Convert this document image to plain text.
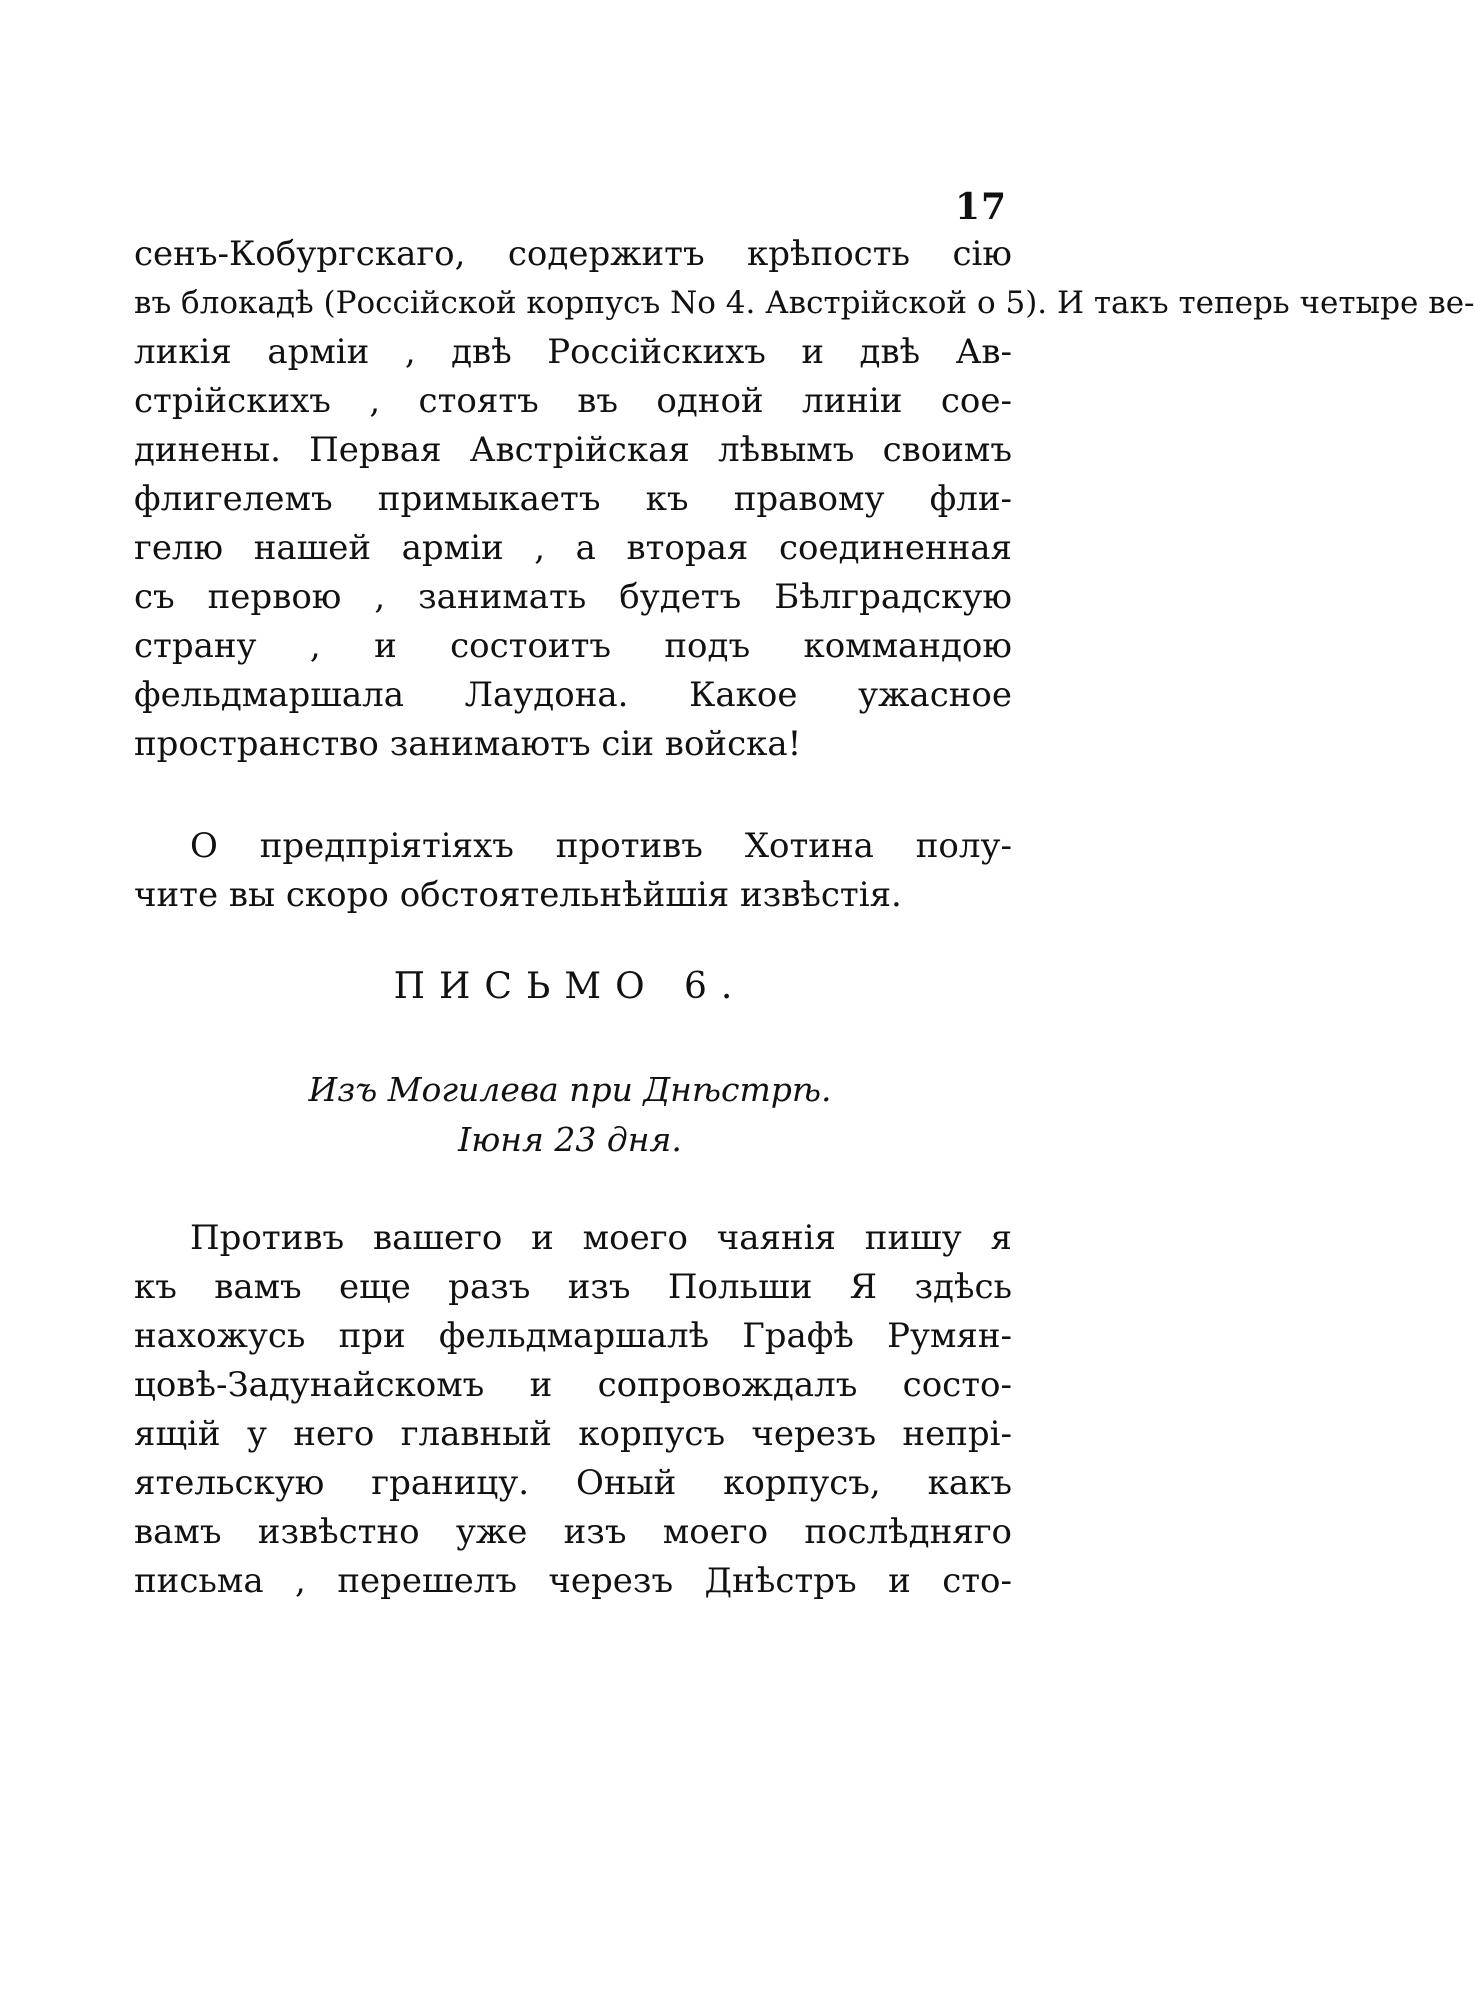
17
сенъ-Кобургскаго, содержитъ крѣпость сію
въ блокадѣ (Россійской корпусъ No 4. Австрійской о 5). И такъ теперь четыре ве-
ликія арміи , двѣ Россійскихъ и двѣ Ав-
стрійскихъ , стоятъ въ одной линіи сое-
динены. Первая Австрійская лѣвымъ своимъ
флигелемъ примыкаетъ къ правому фли-
гелю нашей арміи , а вторая соединенная
съ первою , занимать будетъ Бѣлградскую
страну , и состоитъ подъ коммандою
фельдмаршала Лаудона. Какое ужасное
пространство занимаютъ сіи войска!
О предпріятіяхъ противъ Хотина полу-
чите вы скоро обстоятельнѣйшія извѣстія.
ПИСЬМО 6.
Изъ Могилева при Днѣстрѣ.
Іюня 23 дня.
Противъ вашего и моего чаянія пишу я
къ вамъ еще разъ изъ Польши Я здѣсь
нахожусь при фельдмаршалѣ Графѣ Румян-
цовѣ-Задунайскомъ и сопровождалъ состо-
ящій у него главный корпусъ черезъ непрі-
ятельскую границу. Оный корпусъ, какъ
вамъ извѣстно уже изъ моего послѣдняго
письма , перешелъ черезъ Днѣстръ и сто-
